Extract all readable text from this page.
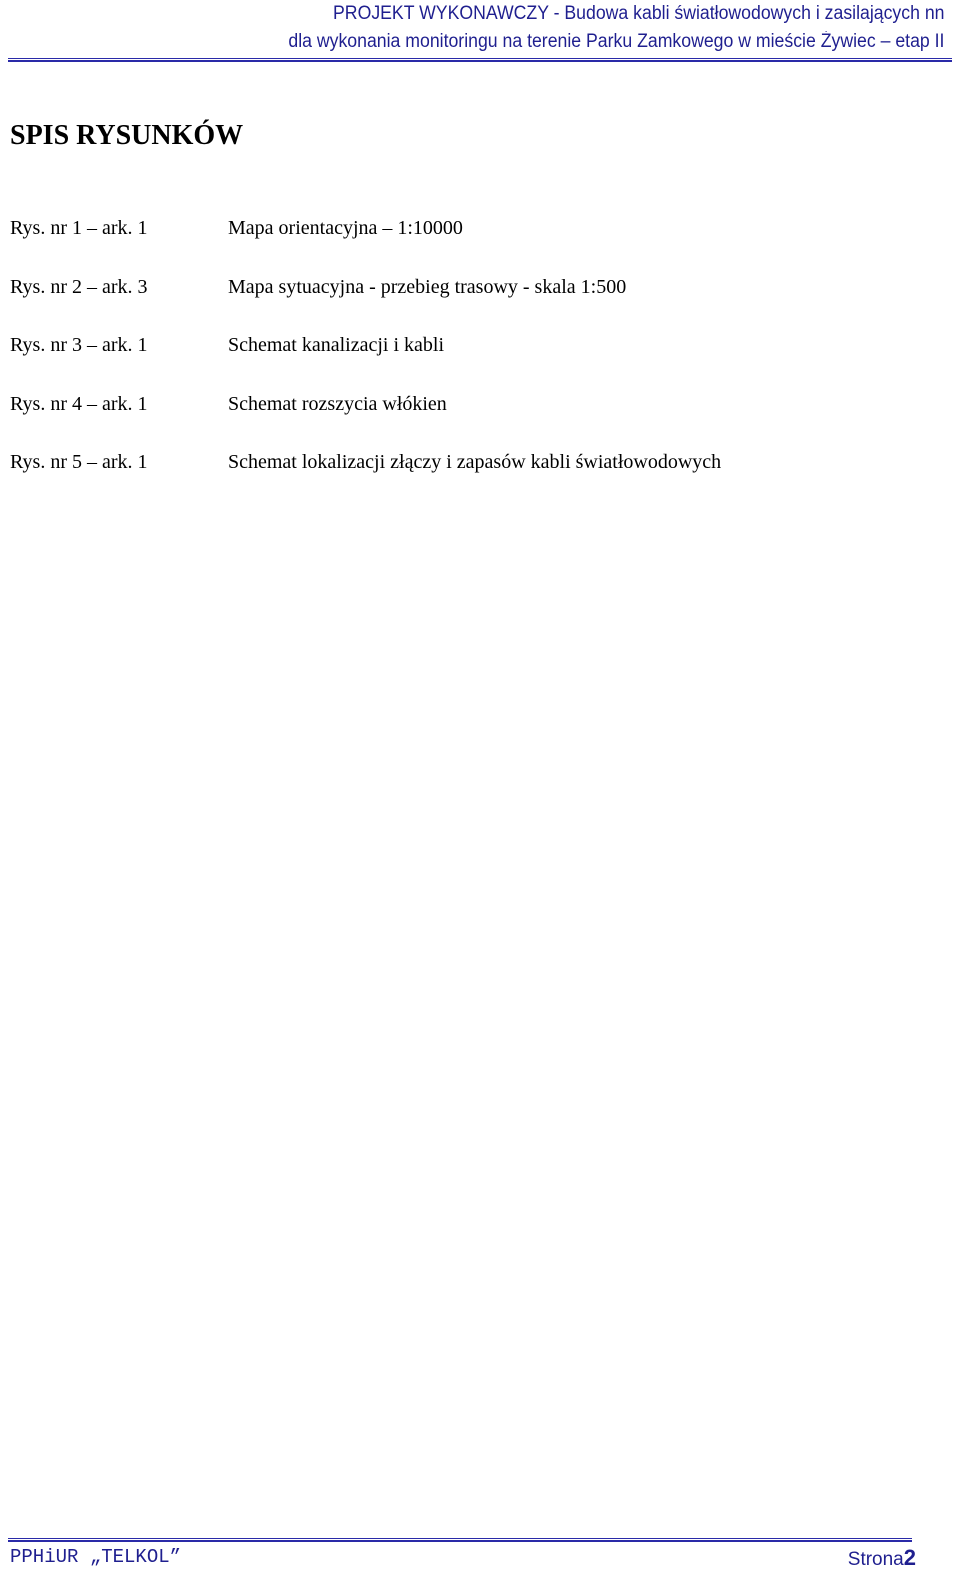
PROJEKT WYKONAWCZY - Budowa kabli światłowodowych i zasilających nn
dla wykonania monitoringu na terenie Parku Zamkowego w mieście Żywiec – etap II
SPIS RYSUNKÓW
Rys. nr 1 – ark. 1	Mapa orientacyjna – 1:10000
Rys. nr 2 – ark. 3	Mapa sytuacyjna - przebieg trasowy - skala 1:500
Rys. nr 3 – ark. 1	Schemat kanalizacji i kabli
Rys. nr 4 – ark. 1	Schemat rozszycia włókien
Rys. nr 5 – ark. 1	Schemat lokalizacji złączy i zapasów kabli światłowodowych
PPHiUR „TELKOL”	Strona2
